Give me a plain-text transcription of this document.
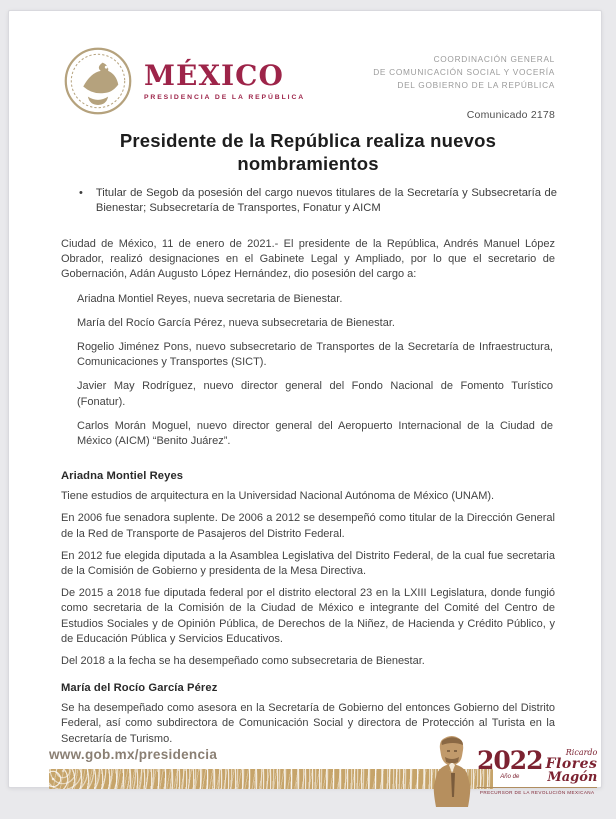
MÉXICO
PRESIDENCIA DE LA REPÚBLICA
COORDINACIÓN GENERAL
DE COMUNICACIÓN SOCIAL Y VOCERÍA
DEL GOBIERNO DE LA REPÚBLICA
Comunicado 2178
Presidente de la República realiza nuevos nombramientos
• Titular de Segob da posesión del cargo nuevos titulares de la Secretaría y Subsecretaría de Bienestar; Subsecretaría de Transportes, Fonatur y AICM

Ciudad de México, 11 de enero de 2021.- El presidente de la República, Andrés Manuel López Obrador, realizó designaciones en el Gabinete Legal y Ampliado, por lo que el secretario de Gobernación, Adán Augusto López Hernández, dio posesión del cargo a:

Ariadna Montiel Reyes, nueva secretaria de Bienestar.

María del Rocío García Pérez, nueva subsecretaria de Bienestar.

Rogelio Jiménez Pons, nuevo subsecretario de Transportes de la Secretaría de Infraestructura, Comunicaciones y Transportes (SICT).

Javier May Rodríguez, nuevo director general del Fondo Nacional de Fomento Turístico (Fonatur).

Carlos Morán Moguel, nuevo director general del Aeropuerto Internacional de la Ciudad de México (AICM) “Benito Juárez”.

Ariadna Montiel Reyes

Tiene estudios de arquitectura en la Universidad Nacional Autónoma de México (UNAM).

En 2006 fue senadora suplente. De 2006 a 2012 se desempeñó como titular de la Dirección General de la Red de Transporte de Pasajeros del Distrito Federal.

En 2012 fue elegida diputada a la Asamblea Legislativa del Distrito Federal, de la cual fue secretaria de la Comisión de Gobierno y presidenta de la Mesa Directiva.

De 2015 a 2018 fue diputada federal por el distrito electoral 23 en la LXIII Legislatura, donde fungió como secretaria de la Comisión de la Ciudad de México e integrante del Comité del Centro de Estudios Sociales y de Opinión Pública, de Derechos de la Niñez, de Hacienda y Crédito Público, y de Educación Pública y Servicios Educativos.

Del 2018 a la fecha se ha desempeñado como subsecretaria de Bienestar.

María del Rocío García Pérez

Se ha desempeñado como asesora en la Secretaría de Gobierno del entonces Gobierno del Distrito Federal, así como subdirectora de Comunicación Social y directora de Protección al Turista en la Secretaría de Turismo.

www.gob.mx/presidencia	2022
Año de
Ricardo
Flores
Magón
PRECURSOR DE LA REVOLUCIÓN MEXICANA
